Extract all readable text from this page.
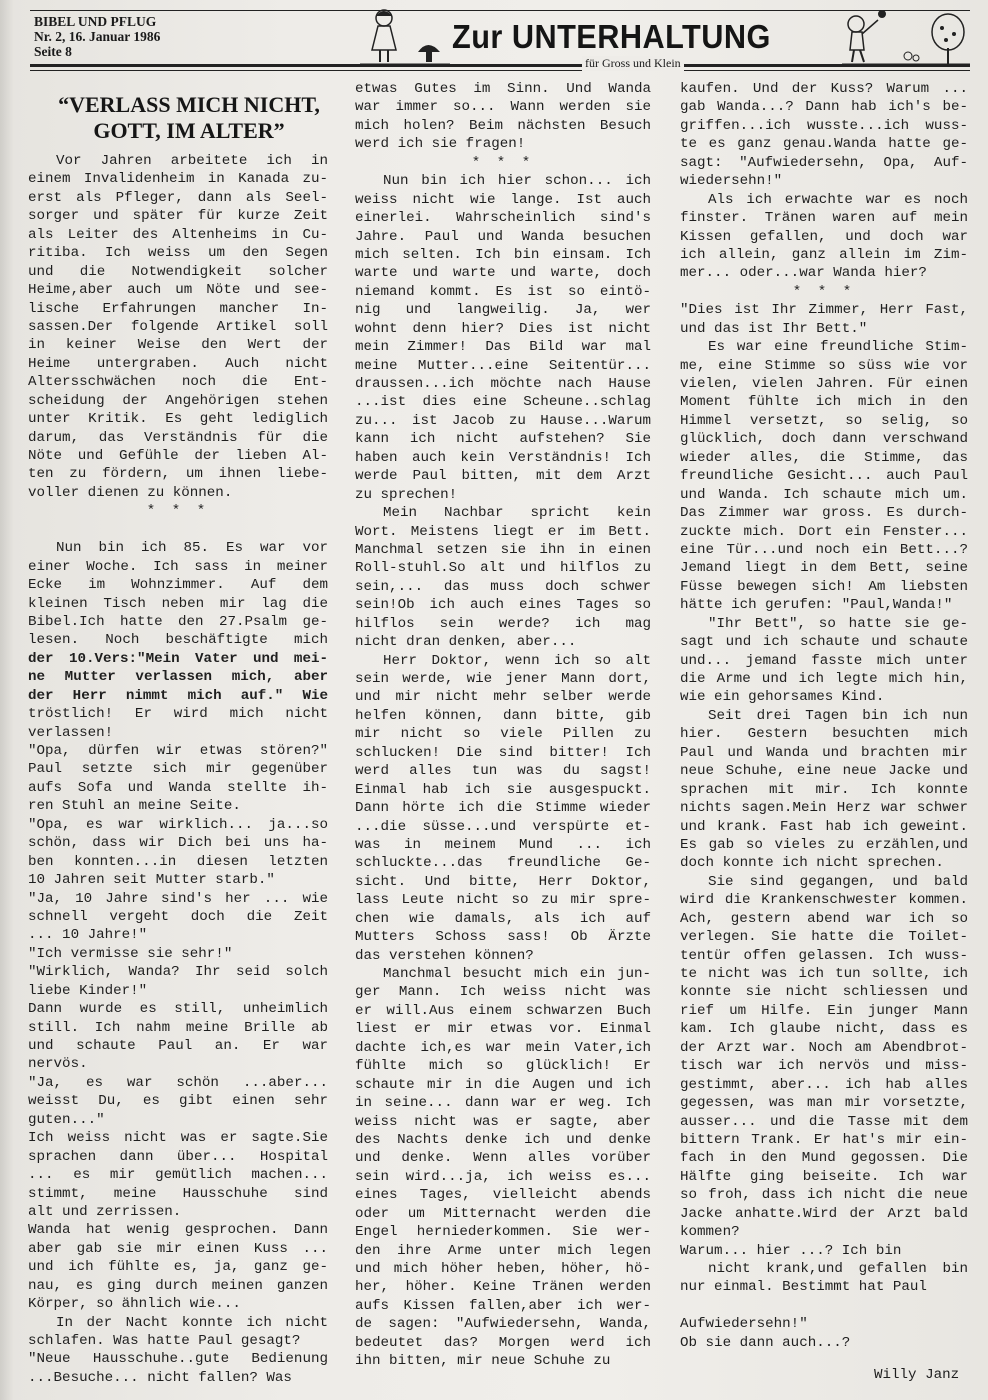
BIBEL UND PFLUG
Nr. 2, 16. Januar 1986
Seite 8	Zur UNTERHALTUNG
für Gross und Klein
“VERLASS MICH NICHT,
GOTT, IM ALTER”
Vor Jahren arbeitete ich in
einem Invalidenheim in Kanada zu-
erst als Pfleger, dann als Seel-
sorger und später für kurze Zeit
als Leiter des Altenheims in Cu-
ritiba. Ich weiss um den Segen
und die Notwendigkeit solcher
Heime,aber auch um Nöte und see-
lische Erfahrungen mancher In-
sassen.Der folgende Artikel soll
in keiner Weise den Wert der
Heime untergraben. Auch nicht
Altersschwächen noch die Ent-
scheidung der Angehörigen stehen
unter Kritik. Es geht lediglich
darum, das Verständnis für die
Nöte und Gefühle der lieben Al-
ten zu fördern, um ihnen liebe-
voller dienen zu können.
* * *
Nun bin ich 85. Es war vor
einer Woche. Ich sass in meiner
Ecke im Wohnzimmer. Auf dem
kleinen Tisch neben mir lag die
Bibel.Ich hatte den 27.Psalm ge-
lesen. Noch beschäftigte mich
der 10.Vers:"Mein Vater und mei-
ne Mutter verlassen mich, aber
der Herr nimmt mich auf." Wie
tröstlich! Er wird mich nicht
verlassen!
"Opa, dürfen wir etwas stören?"
Paul setzte sich mir gegenüber
aufs Sofa und Wanda stellte ih-
ren Stuhl an meine Seite.
"Opa, es war wirklich... ja...so
schön, dass wir Dich bei uns ha-
ben konnten...in diesen letzten
10 Jahren seit Mutter starb."
"Ja, 10 Jahre sind's her ... wie
schnell vergeht doch die Zeit
... 10 Jahre!"
"Ich vermisse sie sehr!"
"Wirklich, Wanda? Ihr seid solch
liebe Kinder!"
Dann wurde es still, unheimlich
still. Ich nahm meine Brille ab
und schaute Paul an. Er war
nervös.
"Ja, es war schön ...aber...
weisst Du, es gibt einen sehr
guten..."
Ich weiss nicht was er sagte.Sie
sprachen dann über... Hospital
... es mir gemütlich machen...
stimmt, meine Hausschuhe sind
alt und zerrissen.
Wanda hat wenig gesprochen. Dann
aber gab sie mir einen Kuss ...
und ich fühlte es, ja, ganz ge-
nau, es ging durch meinen ganzen
Körper, so ähnlich wie...
In der Nacht konnte ich nicht
schlafen. Was hatte Paul gesagt?
"Neue Hausschuhe..gute Bedienung
...Besuche... nicht fallen? Was
etwas Gutes im Sinn. Und Wanda
war immer so... Wann werden sie
mich holen? Beim nächsten Besuch
werd ich sie fragen!
* * *
Nun bin ich hier schon... ich
weiss nicht wie lange. Ist auch
einerlei. Wahrscheinlich sind's
Jahre. Paul und Wanda besuchen
mich selten. Ich bin einsam. Ich
warte und warte und warte, doch
niemand kommt. Es ist so eintö-
nig und langweilig. Ja, wer
wohnt denn hier? Dies ist nicht
mein Zimmer! Das Bild war mal
meine Mutter...eine Seitentür...
draussen...ich möchte nach Hause
...ist dies eine Scheune..schlag
zu... ist Jacob zu Hause...Warum
kann ich nicht aufstehen? Sie
haben auch kein Verständnis! Ich
werde Paul bitten, mit dem Arzt
zu sprechen!
Mein Nachbar spricht kein
Wort. Meistens liegt er im Bett.
Manchmal setzen sie ihn in einen
Roll-stuhl.So alt und hilflos zu
sein,... das muss doch schwer
sein!Ob ich auch eines Tages so
hilflos sein werde? ich mag
nicht dran denken, aber...
Herr Doktor, wenn ich so alt
sein werde, wie jener Mann dort,
und mir nicht mehr selber werde
helfen können, dann bitte, gib
mir nicht so viele Pillen zu
schlucken! Die sind bitter! Ich
werd alles tun was du sagst!
Einmal hab ich sie ausgespuckt.
Dann hörte ich die Stimme wieder
...die süsse...und verspürte et-
was in meinem Mund ... ich
schluckte...das freundliche Ge-
sicht. Und bitte, Herr Doktor,
lass Leute nicht so zu mir spre-
chen wie damals, als ich auf
Mutters Schoss sass! Ob Ärzte
das verstehen können?
Manchmal besucht mich ein jun-
ger Mann. Ich weiss nicht was
er will.Aus einem schwarzen Buch
liest er mir etwas vor. Einmal
dachte ich,es war mein Vater,ich
fühlte mich so glücklich! Er
schaute mir in die Augen und ich
in seine... dann war er weg. Ich
weiss nicht was er sagte, aber
des Nachts denke ich und denke
und denke. Wenn alles vorüber
sein wird...ja, ich weiss es...
eines Tages, vielleicht abends
oder um Mitternacht werden die
Engel herniederkommen. Sie wer-
den ihre Arme unter mich legen
und mich höher heben, höher, hö-
her, höher. Keine Tränen werden
aufs Kissen fallen,aber ich wer-
de sagen: "Aufwiedersehn, Wanda,
bedeutet das? Morgen werd ich
ihn bitten, mir neue Schuhe zu
kaufen. Und der Kuss? Warum ...
gab Wanda...? Dann hab ich's be-
griffen...ich wusste...ich wuss-
te es ganz genau.Wanda hatte ge-
sagt: "Aufwiedersehn, Opa, Auf-
wiedersehn!"
Als ich erwachte war es noch
finster. Tränen waren auf mein
Kissen gefallen, und doch war
ich allein, ganz allein im Zim-
mer... oder...war Wanda hier?
* * *
"Dies ist Ihr Zimmer, Herr Fast,
und das ist Ihr Bett."
Es war eine freundliche Stim-
me, eine Stimme so süss wie vor
vielen, vielen Jahren. Für einen
Moment fühlte ich mich in den
Himmel versetzt, so selig, so
glücklich, doch dann verschwand
wieder alles, die Stimme, das
freundliche Gesicht... auch Paul
und Wanda. Ich schaute mich um.
Das Zimmer war gross. Es durch-
zuckte mich. Dort ein Fenster...
eine Tür...und noch ein Bett...?
Jemand liegt in dem Bett, seine
Füsse bewegen sich! Am liebsten
hätte ich gerufen: "Paul,Wanda!"
"Ihr Bett", so hatte sie ge-
sagt und ich schaute und schaute
und... jemand fasste mich unter
die Arme und ich legte mich hin,
wie ein gehorsames Kind.
Seit drei Tagen bin ich nun
hier. Gestern besuchten mich
Paul und Wanda und brachten mir
neue Schuhe, eine neue Jacke und
sprachen mit mir. Ich konnte
nichts sagen.Mein Herz war schwer
und krank. Fast hab ich geweint.
Es gab so vieles zu erzählen,und
doch konnte ich nicht sprechen.
Sie sind gegangen, und bald
wird die Krankenschwester kommen.
Ach, gestern abend war ich so
verlegen. Sie hatte die Toilet-
tentür offen gelassen. Ich wuss-
te nicht was ich tun sollte, ich
konnte sie nicht schliessen und
rief um Hilfe. Ein junger Mann
kam. Ich glaube nicht, dass es
der Arzt war. Noch am Abendbrot-
tisch war ich nervös und miss-
gestimmt, aber... ich hab alles
gegessen, was man mir vorsetzte,
ausser... und die Tasse mit dem
bittern Trank. Er hat's mir ein-
fach in den Mund gegossen. Die
Hälfte ging beiseite. Ich war
so froh, dass ich nicht die neue
Jacke anhatte.Wird der Arzt bald
kommen?
Warum... hier ...? Ich bin
nicht krank,und gefallen bin
nur einmal. Bestimmt hat Paul
Aufwiedersehn!"
Ob sie dann auch...?
Willy Janz
